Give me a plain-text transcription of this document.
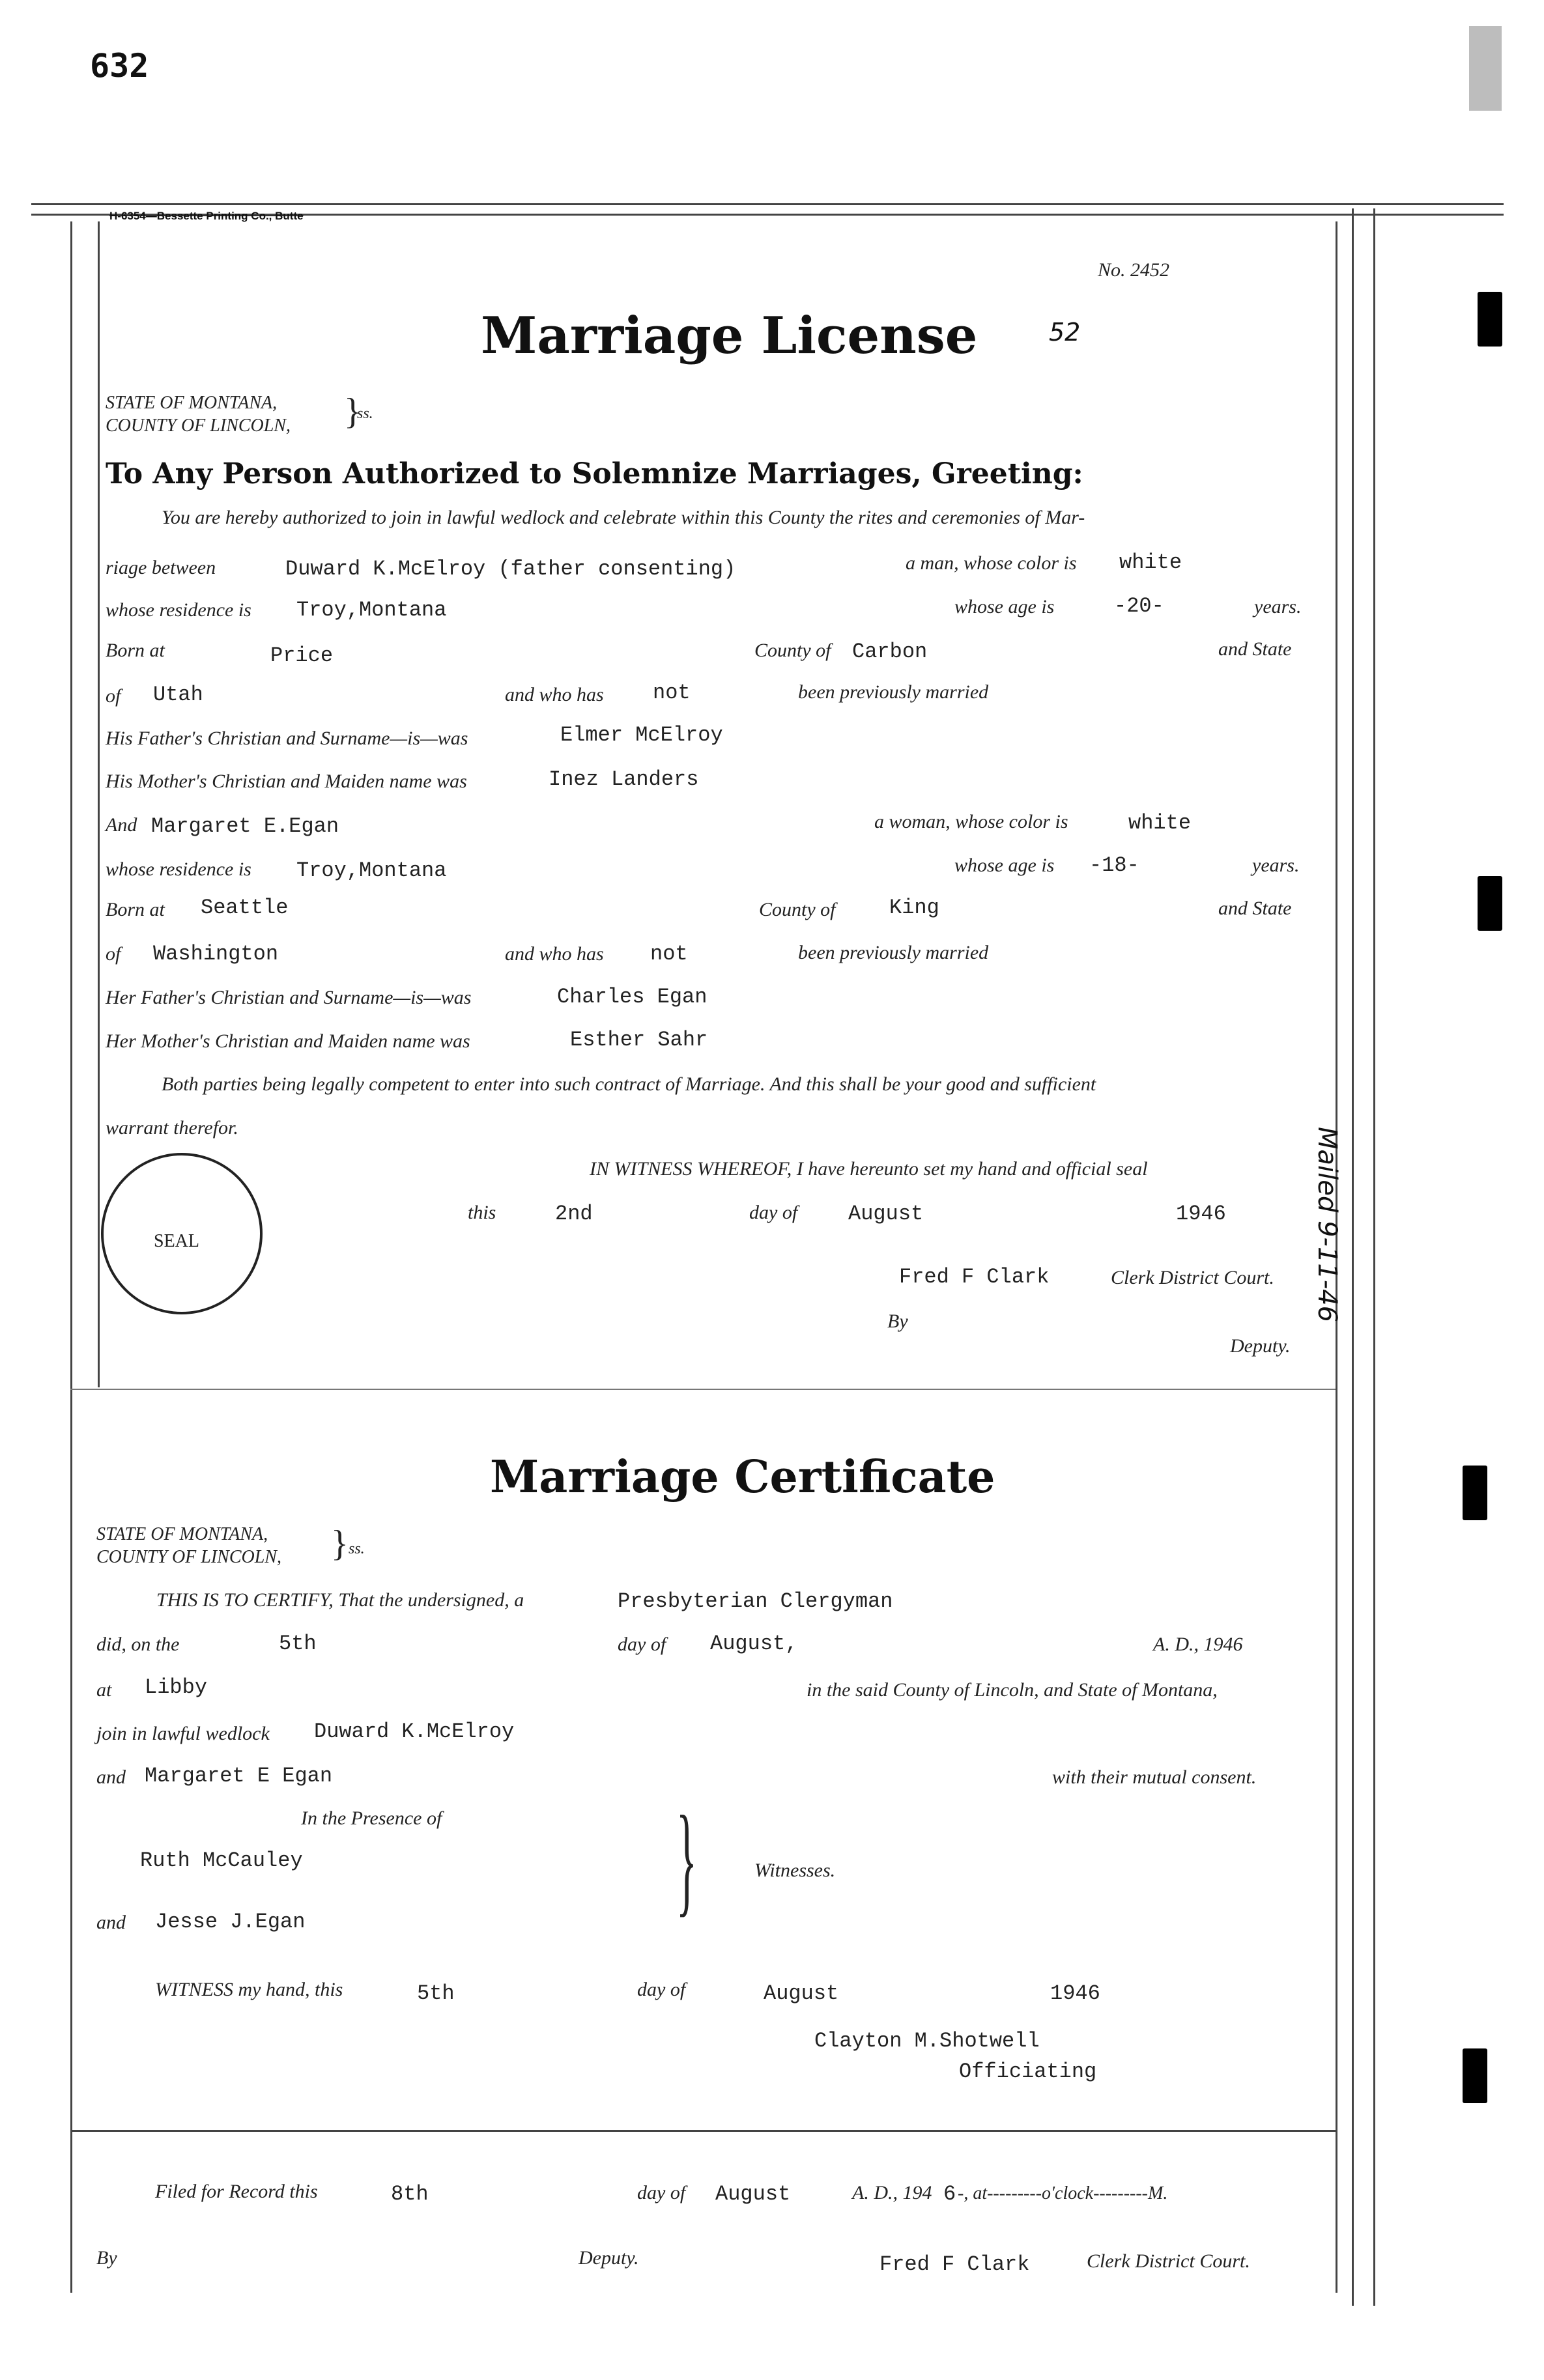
632
H-6354—Bessette Printing Co., Butte
No. 2452
Marriage License	52
STATE OF MONTANA,
COUNTY OF LINCOLN, }
ss.
To Any Person Authorized to Solemnize Marriages, Greeting:
You are hereby authorized to join in lawful wedlock and celebrate within this County the rites and ceremonies of Mar-
riage between	Duward K.McElroy (father consenting)	a man, whose color is white
whose residence is Troy,Montana	whose age is	-20-	years.
Born at	Price	County of Carbon	and State
of Utah	and who has not	been previously married
His Father's Christian and Surname—is—was	Elmer McElroy
His Mother's Christian and Maiden name was	Inez Landers
And Margaret E.Egan	a woman, whose color is	white
whose residence is Troy,Montana	whose age is -18-	years.
Born at Seattle	County of	King	and State
of Washington	and who has not	been previously married
Her Father's Christian and Surname—is—was	Charles Egan
Her Mother's Christian and Maiden name was	Esther Sahr
Both parties being legally competent to enter into such contract of Marriage. And this shall be your good and sufficient
warrant therefor.
IN WITNESS WHEREOF, I have hereunto set my hand and official seal
SEAL
this	2nd	day of August	1946
Fred F Clark	Clerk District Court.
By
Deputy.
Marriage Certificate
STATE OF MONTANA,
COUNTY OF LINCOLN, } ss.
THIS IS TO CERTIFY, That the undersigned, a	Presbyterian Clergyman
did, on the	5th	day of August,	A. D., 1946
at Libby	in the said County of Lincoln, and State of Montana,
join in lawful wedlock Duward K.McElroy
and Margaret E Egan	with their mutual consent.
In the Presence of
Ruth McCauley	}	Witnesses.
and Jesse J.Egan
WITNESS my hand, this	5th	day of	August	1946
Clayton M.Shotwell
Officiating
Filed for Record this	8th	day of August	A. D., 194 6 -, at---------o'clock---------M.
By	Deputy.	Fred F Clark	Clerk District Court.
Mailed 9-11-46
